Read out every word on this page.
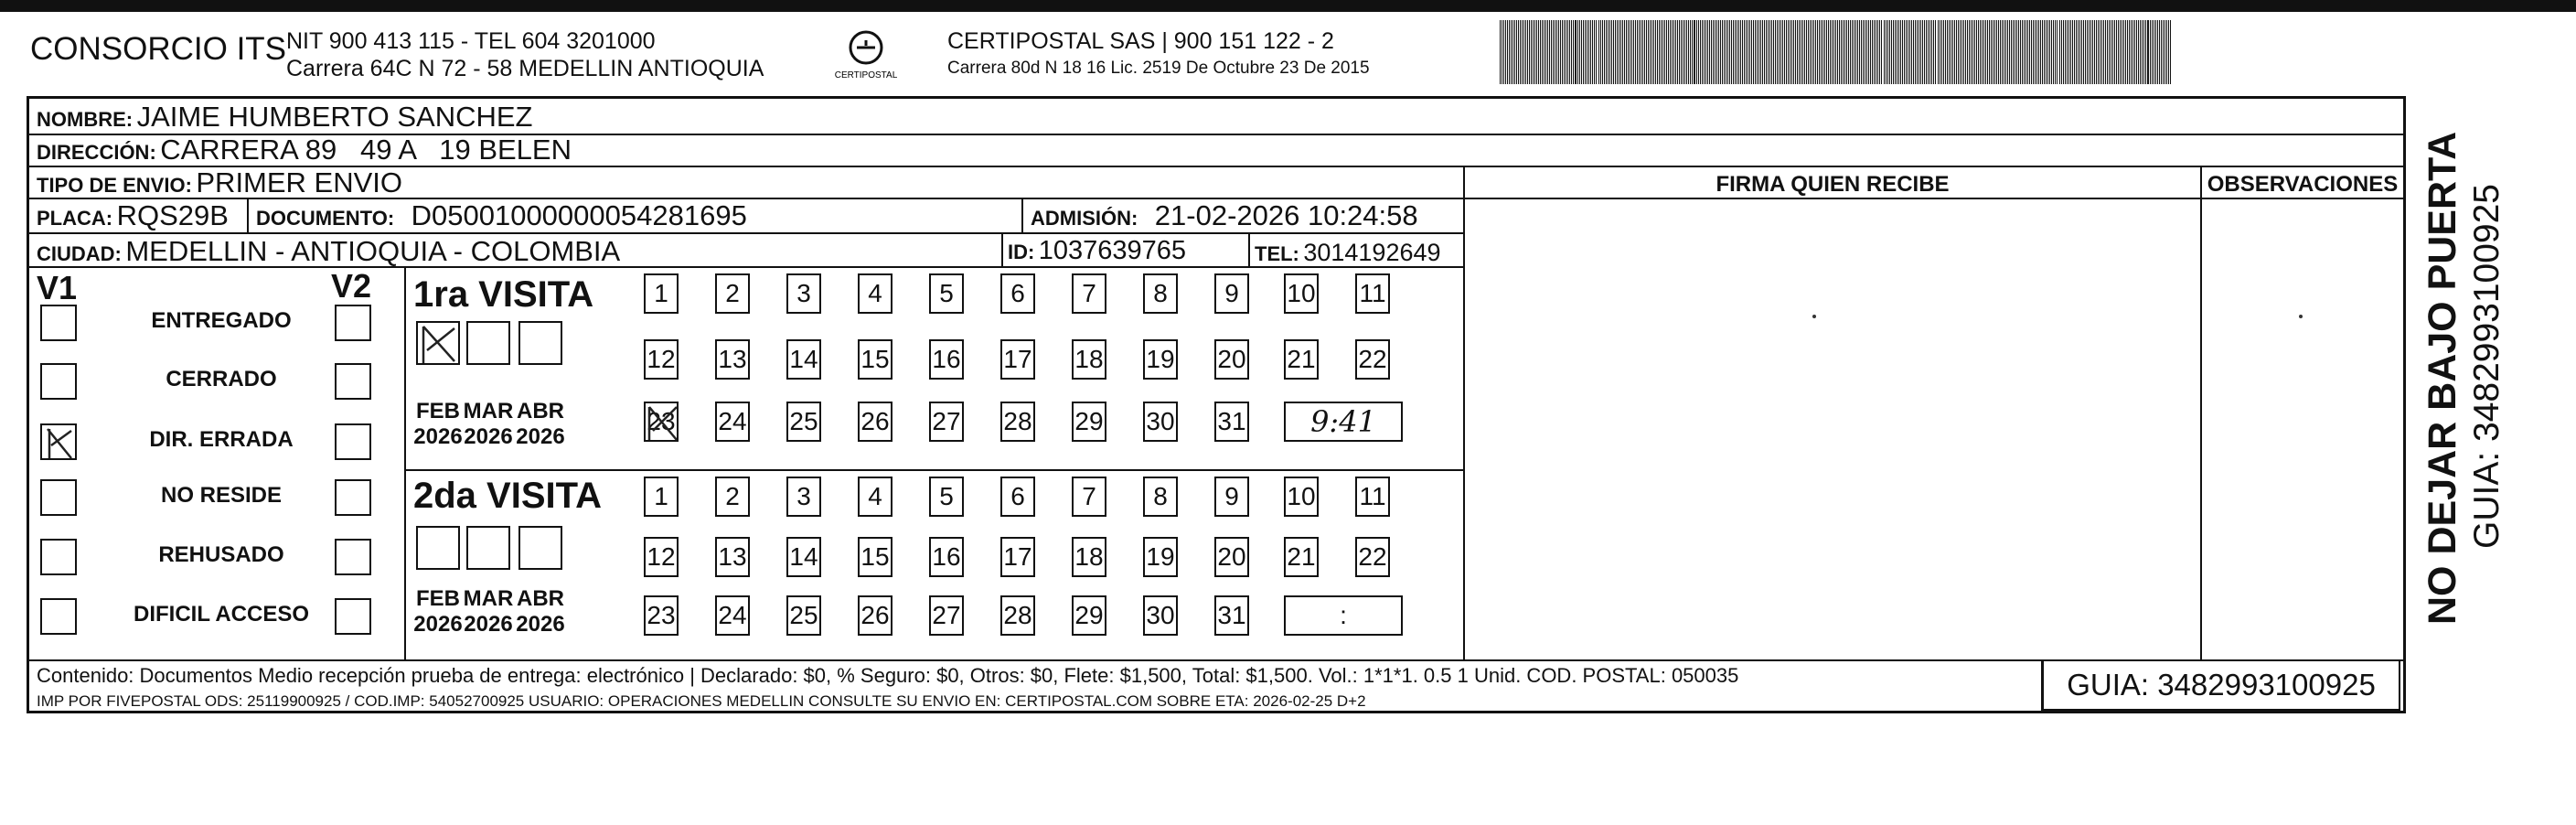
CONSORCIO ITS NIT 900 413 115 - TEL 604 3201000
Carrera 64C N 72 - 58 MEDELLIN ANTIOQUIA	CERTIPOSTAL
CERTIPOSTAL SAS | 900 151 122 - 2
Carrera 80d N 18 16 Lic. 2519 De Octubre 23 De 2015
NOMBRE: JAIME HUMBERTO SANCHEZ
DIRECCIÓN: CARRERA 89   49 A   19 BELEN
TIPO DE ENVIO: PRIMER ENVIO
PLACA: RQS29B DOCUMENTO: D05001000000054281695	ADMISIÓN: 21-02-2026 10:24:58
CIUDAD: MEDELLIN - ANTIOQUIA - COLOMBIA	ID: 1037639765	TEL: 3014192649
FIRMA QUIEN RECIBE	OBSERVACIONES
V1	V2
ENTREGADO
CERRADO
DIR. ERRADA
NO RESIDE
REHUSADO
DIFICIL ACCESO
1ra VISITA
2da VISITA
FEB
2026
MAR
2026
ABR
2026
1	2	3	4	5	6	7	8	9	10 11
12 13 14 15 16 17 18 19 20 21 22
23 24 25 26 27 28 29 30 31	9:41
FEB
2026
MAR
2026
ABR
2026
1	2	3	4	5	6	7	8	9	10 11
12 13 14 15 16 17 18 19 20 21 22
23 24 25 26 27 28 29 30 31	:
Contenido: Documentos Medio recepción prueba de entrega: electrónico | Declarado: $0, % Seguro: $0, Otros: $0, Flete: $1,500, Total: $1,500. Vol.: 1*1*1. 0.5 1 Unid. COD. POSTAL: 050035
IMP POR FIVEPOSTAL ODS: 25119900925 / COD.IMP: 54052700925 USUARIO: OPERACIONES MEDELLIN CONSULTE SU ENVIO EN: CERTIPOSTAL.COM SOBRE ETA: 2026-02-25 D+2	GUIA: 3482993100925
NO DEJAR BAJO PUERTA GUIA: 3482993100925
